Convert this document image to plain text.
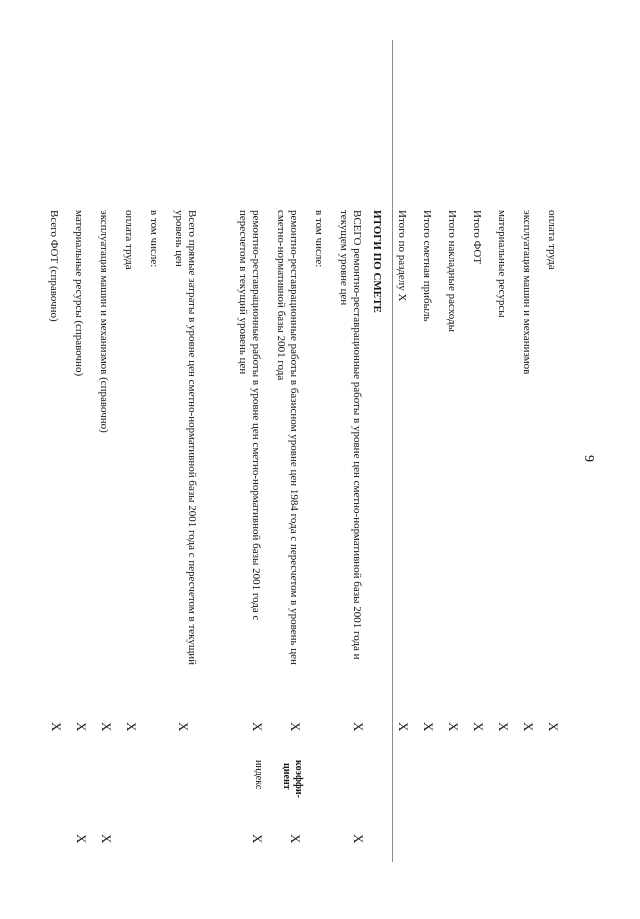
9
оплата труда
эксплуатация машин и механизмов
материальные ресурсы
Итого ФОТ
Итого накладные расходы
Итого сметная прибыль
Итого по разделу X
ИТОГИ ПО СМЕТЕ
ВСЕГО ремонтно-реставрационные работы в уровне цен сметно-нормативной базы 2001 года и
текущем уровне цен
в том числе:
ремонтно-реставрационные работы в базисном уровне цен 1984 года с пересчетом в уровень цен
сметно-нормативной базы 2001 года
ремонтно-реставрационные работы в уровне цен сметно-нормативной базы 2001 года с
пересчетом в текущий уровень цен
Всего прямые затраты в уровне цен сметно-нормативной базы 2001 года с пересчетом в текущий
уровень цен
в том числе:
оплата труда
эксплуатация машин и механизмов (справочно)
материальные ресурсы (справочно)
Всего ФОТ (справочно)
X
X
X
X
X
X
X
X
X
X
X
X
X
X
X
коэффи-
циент
индекс
X
X
X
X
X
